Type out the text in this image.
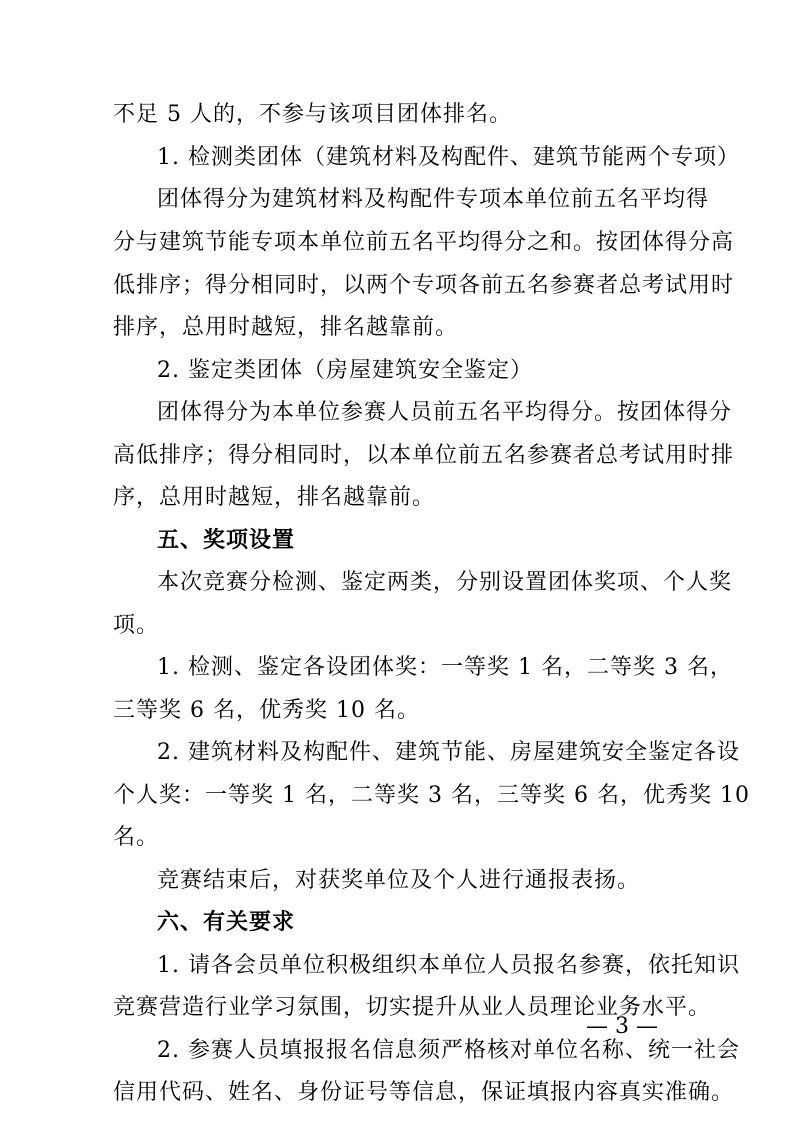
不足 5 人的，不参与该项目团体排名。
1. 检测类团体（建筑材料及构配件、建筑节能两个专项）
团体得分为建筑材料及构配件专项本单位前五名平均得
分与建筑节能专项本单位前五名平均得分之和。按团体得分高
低排序；得分相同时，以两个专项各前五名参赛者总考试用时
排序，总用时越短，排名越靠前。
2. 鉴定类团体（房屋建筑安全鉴定）
团体得分为本单位参赛人员前五名平均得分。按团体得分
高低排序；得分相同时，以本单位前五名参赛者总考试用时排
序，总用时越短，排名越靠前。
五、奖项设置
本次竞赛分检测、鉴定两类，分别设置团体奖项、个人奖
项。
1. 检测、鉴定各设团体奖：一等奖 1 名，二等奖 3 名，
三等奖 6 名，优秀奖 10 名。
2. 建筑材料及构配件、建筑节能、房屋建筑安全鉴定各设
个人奖：一等奖 1 名，二等奖 3 名，三等奖 6 名，优秀奖 10
名。
竞赛结束后，对获奖单位及个人进行通报表扬。
六、有关要求
1. 请各会员单位积极组织本单位人员报名参赛，依托知识
竞赛营造行业学习氛围，切实提升从业人员理论业务水平。
2. 参赛人员填报报名信息须严格核对单位名称、统一社会
信用代码、姓名、身份证号等信息，保证填报内容真实准确。
— 3 —
